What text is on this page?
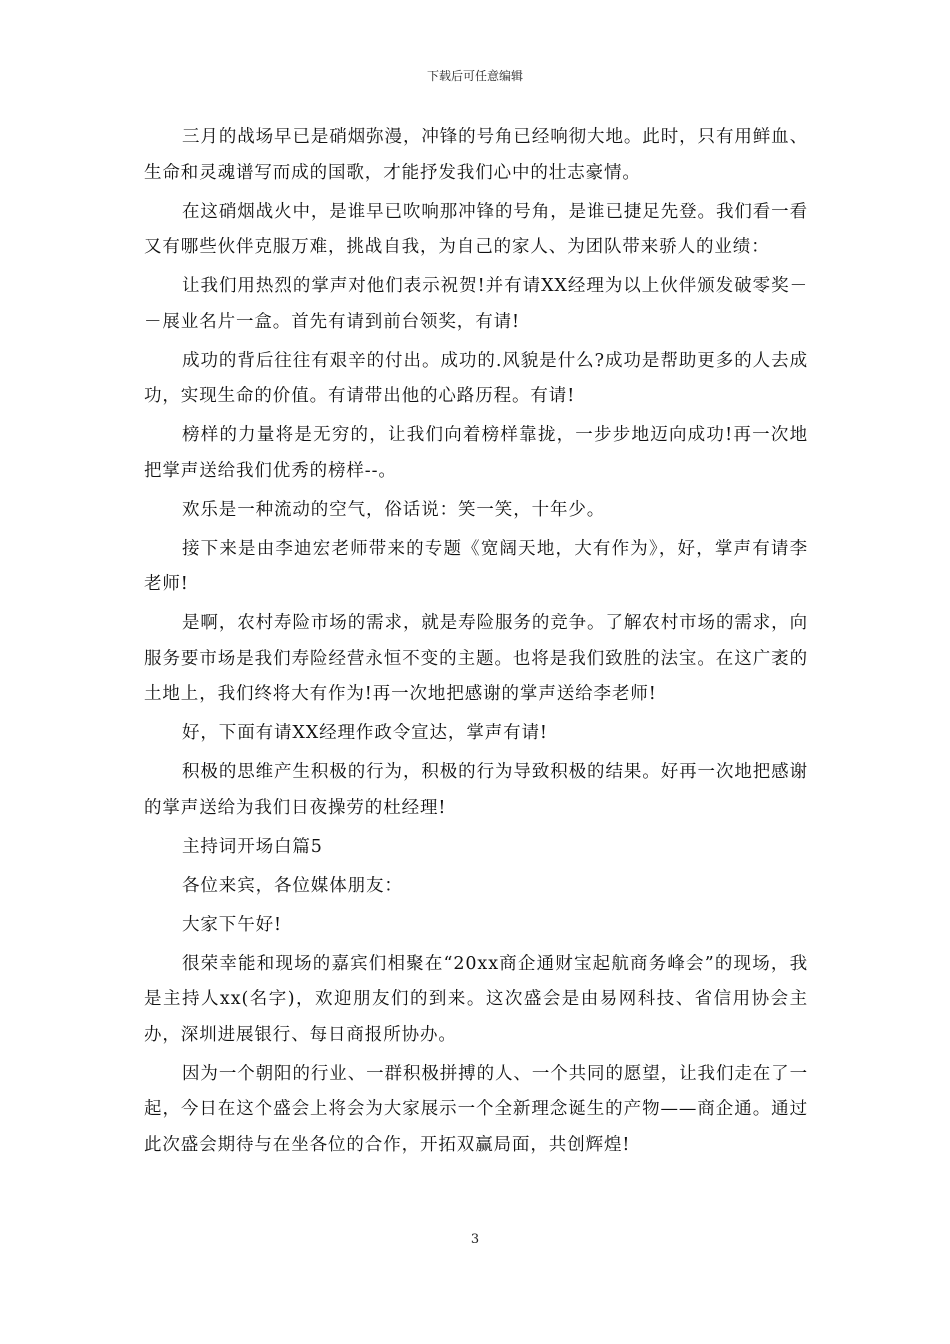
下载后可任意编辑

三月的战场早已是硝烟弥漫，冲锋的号角已经响彻大地。此时，只有用鲜血、生命和灵魂谱写而成的国歌，才能抒发我们心中的壮志豪情。

在这硝烟战火中，是谁早已吹响那冲锋的号角，是谁已捷足先登。我们看一看又有哪些伙伴克服万难，挑战自我，为自己的家人、为团队带来骄人的业绩：

让我们用热烈的掌声对他们表示祝贺!并有请XX经理为以上伙伴颁发破零奖－－展业名片一盒。首先有请到前台领奖，有请!

成功的背后往往有艰辛的付出。成功的.风貌是什么?成功是帮助更多的人去成功，实现生命的价值。有请带出他的心路历程。有请!

榜样的力量将是无穷的，让我们向着榜样靠拢，一步步地迈向成功!再一次地把掌声送给我们优秀的榜样--。

欢乐是一种流动的空气，俗话说：笑一笑，十年少。

接下来是由李迪宏老师带来的专题《宽阔天地，大有作为》，好，掌声有请李老师!

是啊，农村寿险市场的需求，就是寿险服务的竞争。了解农村市场的需求，向服务要市场是我们寿险经营永恒不变的主题。也将是我们致胜的法宝。在这广袤的土地上，我们终将大有作为!再一次地把感谢的掌声送给李老师!

好，下面有请XX经理作政令宣达，掌声有请!

积极的思维产生积极的行为，积极的行为导致积极的结果。好再一次地把感谢的掌声送给为我们日夜操劳的杜经理!

主持词开场白篇5

各位来宾，各位媒体朋友：

大家下午好!

很荣幸能和现场的嘉宾们相聚在“20xx商企通财宝起航商务峰会”的现场，我是主持人xx(名字)，欢迎朋友们的到来。这次盛会是由易网科技、省信用协会主办，深圳进展银行、每日商报所协办。

因为一个朝阳的行业、一群积极拼搏的人、一个共同的愿望，让我们走在了一起，今日在这个盛会上将会为大家展示一个全新理念诞生的产物——商企通。通过此次盛会期待与在坐各位的合作，开拓双赢局面，共创辉煌!

3
